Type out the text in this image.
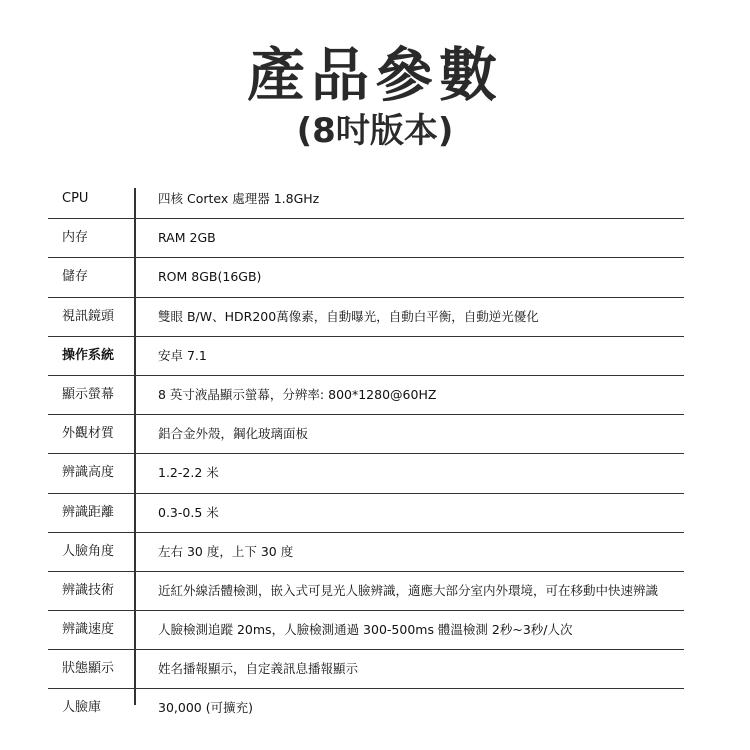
產品參數
(8吋版本)
CPU	四核 Cortex 處理器 1.8GHz
内存	RAM 2GB
儲存	ROM 8GB(16GB)
視訊鏡頭	雙眼 B/W、HDR200萬像素，自動曝光，自動白平衡，自動逆光優化
操作系統	安卓 7.1
顯示螢幕	8 英寸液晶顯示螢幕，分辨率: 800*1280@60HZ
外觀材質	鋁合金外殼，鋼化玻璃面板
辨識高度	1.2-2.2 米
辨識距離	0.3-0.5 米
人臉角度	左右 30 度，上下 30 度
辨識技術	近紅外線活體檢測，嵌入式可見光人臉辨識，適應大部分室内外環境，可在移動中快速辨識
辨識速度	人臉檢測追蹤 20ms，人臉檢測通過 300-500ms 體溫檢測 2秒~3秒/人次
狀態顯示	姓名播報顯示，自定義訊息播報顯示
人臉庫	30,000 (可擴充)
